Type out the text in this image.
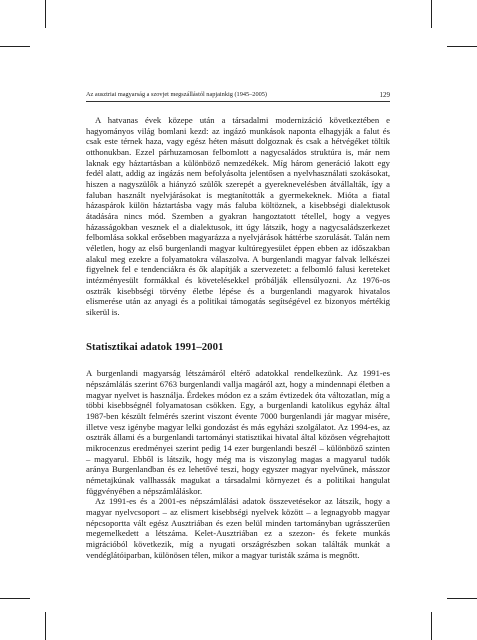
Az ausztriai magyarság a szovjet megszállástól napjainkig (1945–2005)	129

A hatvanas évek közepe után a társadalmi modernizáció következtében e hagyományos világ bomlani kezd: az ingázó munkások naponta elhagyják a falut és csak este térnek haza, vagy egész héten másutt dolgoznak és csak a hétvégéket töltik otthonukban. Ezzel párhuzamosan felbomlott a nagycsaládos struktúra is, már nem laknak egy háztartásban a különböző nemzedékek. Míg három generáció lakott egy fedél alatt, addig az ingázás nem befolyásolta jelentősen a nyelvhasználati szokásokat, hiszen a nagyszülők a hiányzó szülők szerepét a gyereknevelésben átvállalták, így a faluban használt nyelvjárásokat is megtanították a gyermekeknek. Miótа a fiatal házaspárok külön háztartásba vagy más faluba költöznek, a kisebbségi dialektusok átadására nincs mód. Szemben a gyakran hangoztatott tétellel, hogy a vegyes házasságokban vesznek el a dialektusok, itt úgy látszik, hogy a nagycsaládszerkezet felbomlása sokkal erősebben magyarázza a nyelvjárások háttérbe szorulását. Talán nem véletlen, hogy az első burgenlandi magyar kultúregyesület éppen ebben az időszakban alakul meg ezekre a folyamatokra válaszolva. A burgenlandi magyar falvak lelkészei figyelnek fel e tendenciákra és ők alapítják a szervezetet: a felbomló falusi kereteket intézményesült formákkal és követelésekkel próbálják ellensúlyozni. Az 1976-os osztrák kisebbségi törvény életbe lépése és a burgenlandi magyarok hivatalos elismerése után az anyagi és a politikai támogatás segítségével ez bizonyos mértékig sikerül is.

Statisztikai adatok 1991–2001

A burgenlandi magyarság létszámáról eltérő adatokkal rendelkezünk. Az 1991-es népszámlálás szerint 6763 burgenlandi vallja magáról azt, hogy a mindennapi életben a magyar nyelvet is használja. Érdekes módon ez a szám évtizedek óta változatlan, míg a többi kisebbségnél folyamatosan csökken. Egy, a burgenlandi katolikus egyház által 1987-ben készült felmérés szerint viszont évente 7000 burgenlandi jár magyar misére, illetve vesz igénybe magyar lelki gondozást és más egyházi szolgálatot. Az 1994-es, az osztrák állami és a burgenlandi tartományi statisztikai hivatal által közösen végrehajtott mikrocenzus eredményei szerint pedig 14 ezer burgenlandi beszél – különböző szinten – magyarul. Ebből is látszik, hogy még ma is viszonylag magas a magyarul tudók aránya Burgenlandban és ez lehetővé teszi, hogy egyszer magyar nyelvűnek, másszor németajkúnak vallhassák magukat a társadalmi környezet és a politikai hangulat függvényében a népszámláláskor.

Az 1991-es és a 2001-es népszámlálási adatok összevetésekor az látszik, hogy a magyar nyelvcsoport – az elismert kisebbségi nyelvek között – a legnagyobb magyar népcsoportta vált egész Ausztriában és ezen belül minden tartományban ugrásszerűen megemelkedett a létszáma. Kelet-Ausztriában ez a szezon- és fekete munkás migrációból következik, míg a nyugati országrészben sokan találták munkát a vendéglátóiparban, különösen télen, mikor a magyar turisták száma is megnőtt.
